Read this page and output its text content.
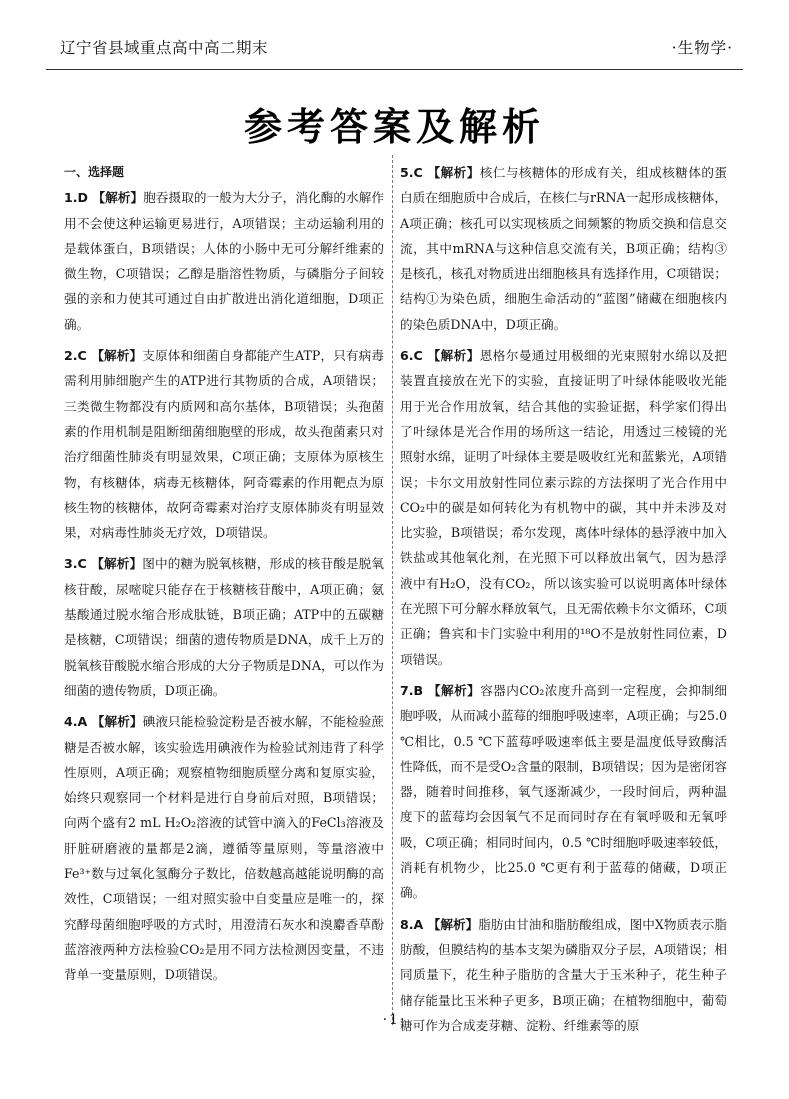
辽宁省县域重点高中高二期末	·生物学·
参考答案及解析
一、选择题

1.D 【解析】胞吞摄取的一般为大分子，消化酶的水解作用不会使这种运输更易进行，A项错误；主动运输利用的是载体蛋白，B项错误；人体的小肠中无可分解纤维素的微生物，C项错误；乙醇是脂溶性物质，与磷脂分子间较强的亲和力使其可通过自由扩散进出消化道细胞，D项正确。

2.C 【解析】支原体和细菌自身都能产生ATP，只有病毒需利用肺细胞产生的ATP进行其物质的合成，A项错误；三类微生物都没有内质网和高尔基体，B项错误；头孢菌素的作用机制是阻断细菌细胞壁的形成，故头孢菌素只对治疗细菌性肺炎有明显效果，C项正确；支原体为原核生物，有核糖体，病毒无核糖体，阿奇霉素的作用靶点为原核生物的核糖体，故阿奇霉素对治疗支原体肺炎有明显效果，对病毒性肺炎无疗效，D项错误。

3.C 【解析】图中的糖为脱氧核糖，形成的核苷酸是脱氧核苷酸，尿嘧啶只能存在于核糖核苷酸中，A项正确；氨基酸通过脱水缩合形成肽链，B项正确；ATP中的五碳糖是核糖，C项错误；细菌的遗传物质是DNA，成千上万的脱氧核苷酸脱水缩合形成的大分子物质是DNA，可以作为细菌的遗传物质，D项正确。

4.A 【解析】碘液只能检验淀粉是否被水解，不能检验蔗糖是否被水解，该实验选用碘液作为检验试剂违背了科学性原则，A项正确；观察植物细胞质壁分离和复原实验，始终只观察同一个材料是进行自身前后对照，B项错误；向两个盛有2 mL H₂O₂溶液的试管中滴入的FeCl₃溶液及肝脏研磨液的量都是2滴，遵循等量原则，等量溶液中Fe³⁺数与过氧化氢酶分子数比，倍数越高越能说明酶的高效性，C项错误；一组对照实验中自变量应是唯一的，探究酵母菌细胞呼吸的方式时，用澄清石灰水和溴麝香草酚蓝溶液两种方法检验CO₂是用不同方法检测因变量，不违背单一变量原则，D项错误。

5.C 【解析】核仁与核糖体的形成有关，组成核糖体的蛋白质在细胞质中合成后，在核仁与rRNA一起形成核糖体，A项正确；核孔可以实现核质之间频繁的物质交换和信息交流，其中mRNA与这种信息交流有关，B项正确；结构③是核孔，核孔对物质进出细胞核具有选择作用，C项错误；结构①为染色质，细胞生命活动的“蓝图”储藏在细胞核内的染色质DNA中，D项正确。

6.C 【解析】恩格尔曼通过用极细的光束照射水绵以及把装置直接放在光下的实验，直接证明了叶绿体能吸收光能用于光合作用放氧，结合其他的实验证据，科学家们得出了叶绿体是光合作用的场所这一结论，用透过三棱镜的光照射水绵，证明了叶绿体主要是吸收红光和蓝紫光，A项错误；卡尔文用放射性同位素示踪的方法探明了光合作用中CO₂中的碳是如何转化为有机物中的碳，其中并未涉及对比实验，B项错误；希尔发现，离体叶绿体的悬浮液中加入铁盐或其他氧化剂，在光照下可以释放出氧气，因为悬浮液中有H₂O，没有CO₂，所以该实验可以说明离体叶绿体在光照下可分解水释放氧气，且无需依赖卡尔文循环，C项正确；鲁宾和卡门实验中利用的¹⁸O不是放射性同位素，D项错误。

7.B 【解析】容器内CO₂浓度升高到一定程度，会抑制细胞呼吸，从而减小蓝莓的细胞呼吸速率，A项正确；与25.0 ℃相比，0.5 ℃下蓝莓呼吸速率低主要是温度低导致酶活性降低，而不是受O₂含量的限制，B项错误；因为是密闭容器，随着时间推移，氧气逐渐减少，一段时间后，两种温度下的蓝莓均会因氧气不足而同时存在有氧呼吸和无氧呼吸，C项正确；相同时间内，0.5 ℃时细胞呼吸速率较低，消耗有机物少，比25.0 ℃更有利于蓝莓的储藏，D项正确。

8.A 【解析】脂肪由甘油和脂肪酸组成，图中X物质表示脂肪酸，但膜结构的基本支架为磷脂双分子层，A项错误；相同质量下，花生种子脂肪的含量大于玉米种子，花生种子储存能量比玉米种子更多，B项正确；在植物细胞中，葡萄糖可作为合成麦芽糖、淀粉、纤维素等的原

·1·
